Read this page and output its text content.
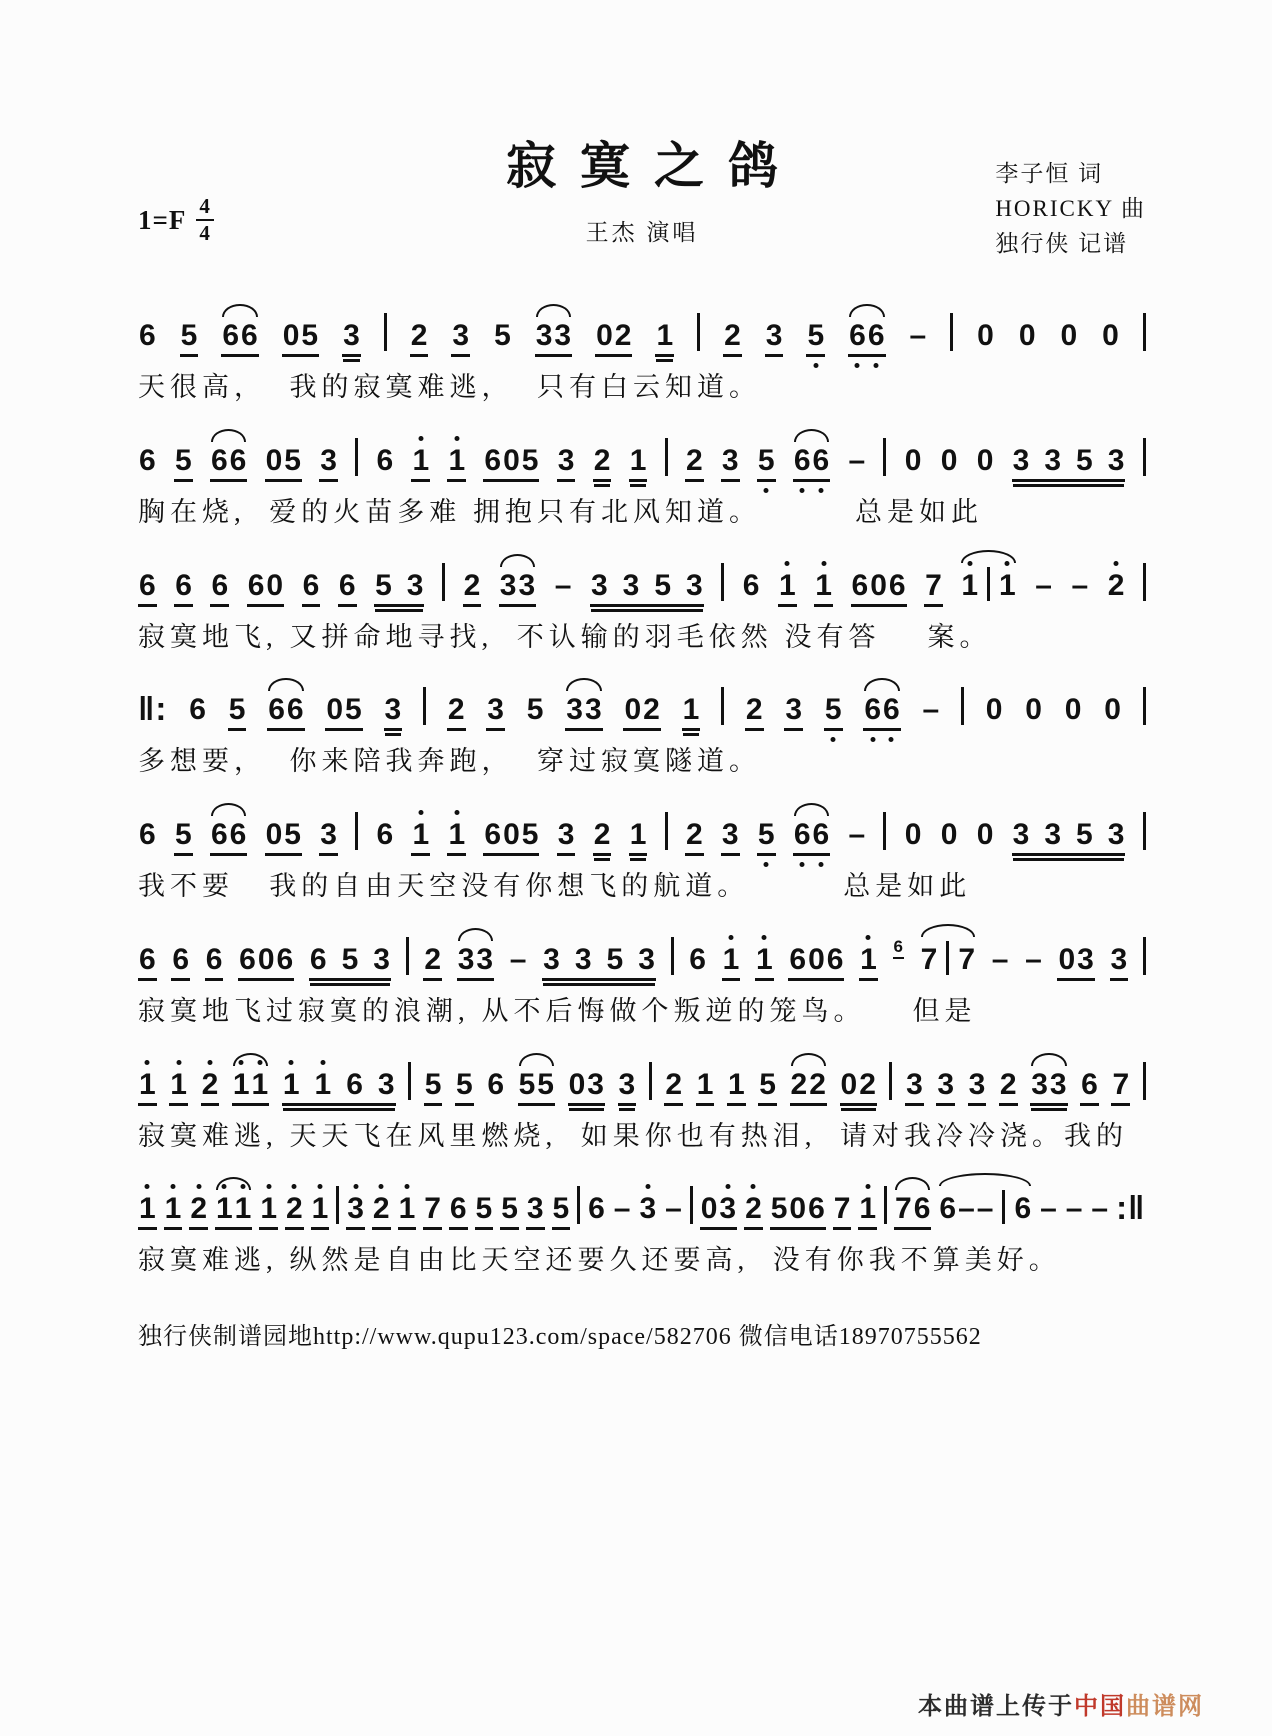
$1=F \frac{4}{4}$
寂寞之鸽
王杰 演唱
李子恒 词
HORICKY 曲
独行侠 记谱
6 5 66 05 3 2 3 5 33 02 1 2 3 5 6
6 – 0 0 0 0
天很高，  我的寂寞难逃，  只有白云知道。
6 5 66 05 3 6 1 1 605 3 2 1 2 3 5 6
6 – 0 0 0 3 3 5 3
胸在烧,  爱的火苗多难 拥抱只有北风知道。        总是如此
6 6 6 60 6 6 5 3 2 33 – 3 3 5 3 6 1 1 606 7 1 1 – – 2
寂寞地飞, 又拼命地寻找,  不认输的羽毛依然 没有答    案。
‖: 6 5 66 05 3 2 3 5 33 02 1 2 3 5 6
6 – 0 0 0 0
多想要，  你来陪我奔跑，  穿过寂寞隧道。
6 5 66 05 3 6 1 1 605 3 2 1 2 3 5 6
6 – 0 0 0 3 3 5 3
我不要   我的自由天空没有你想飞的航道。        总是如此
6 6 6 606 6 5 3 2 33 – 3 3 5 3 6 1 1 606 1 6 7 7 – – 03 3
寂寞地飞过寂寞的浪潮, 从不后悔做个叛逆的笼鸟。    但是
1 1 2 1
1 1 1 6 3 5 5 6 55 03 3 2 1 1 5 22 02 3 3 3 2 33 6 7
寂寞难逃, 天天飞在风里燃烧,  如果你也有热泪,  请对我冷冷浇。我的
1 1 2 1
1 1 2 1 3 2 1 7 6 5 5 3 5 6 – 3 – 03 2 506 7 1 76 6–– 6 – – – :‖
寂寞难逃, 纵然是自由比天空还要久还要高,  没有你我不算美好。
独行侠制谱园地http://www.qupu123.com/space/582706 微信电话18970755562
本曲谱上传于中国曲谱网
